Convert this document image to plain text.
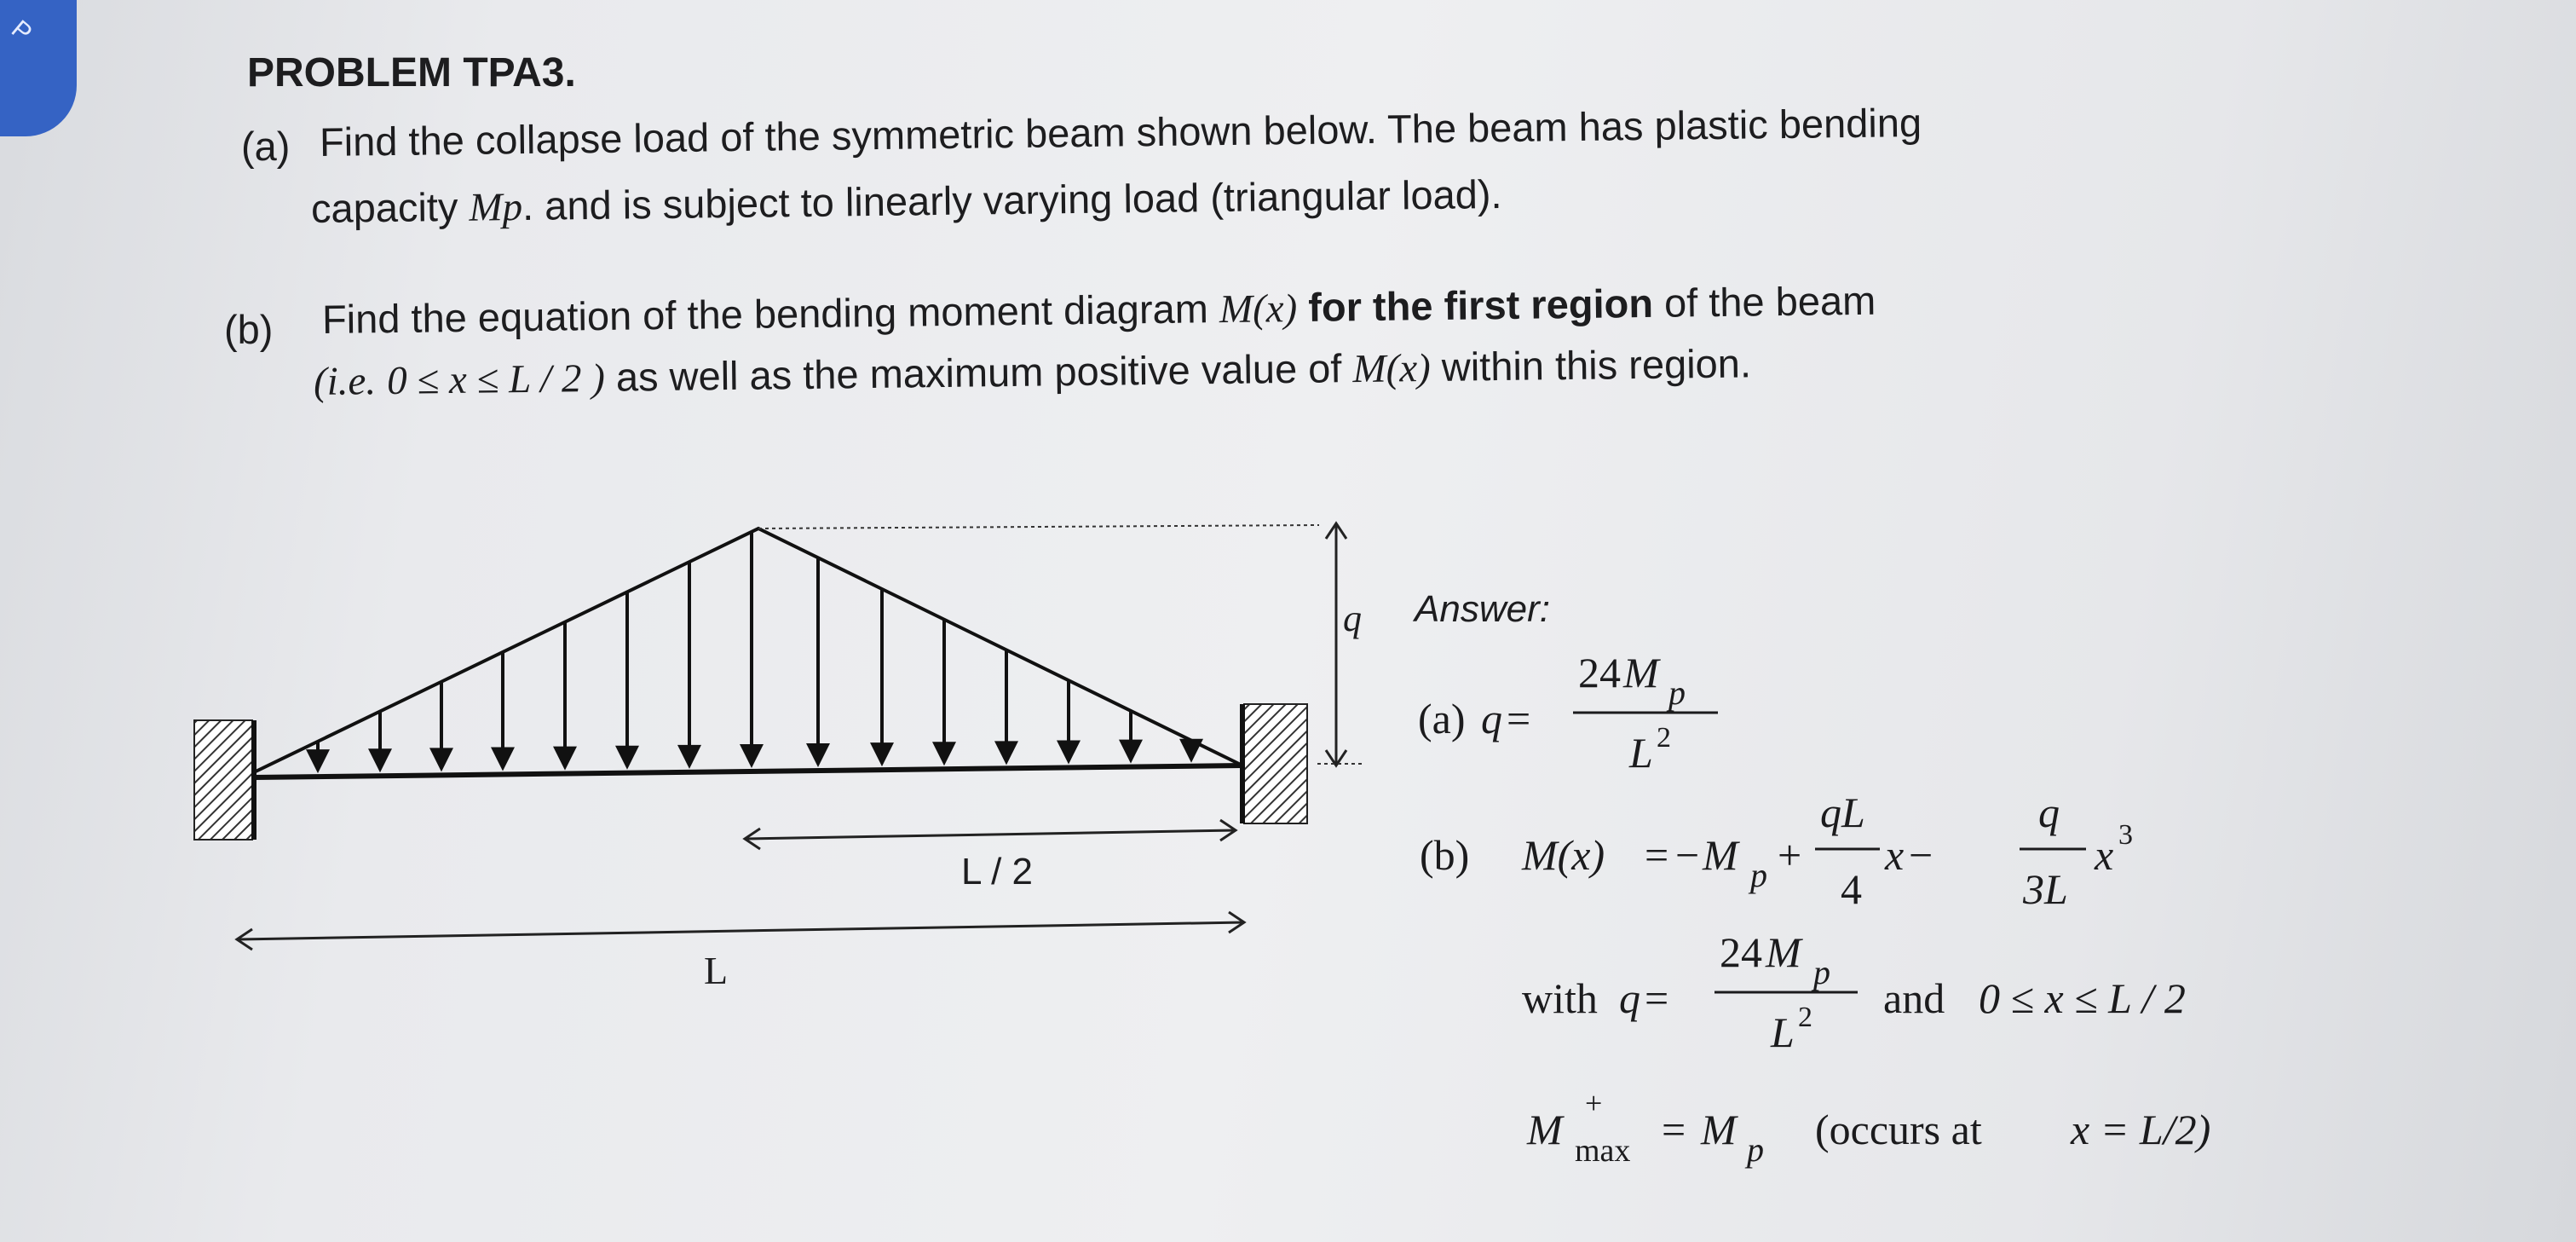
P
PROBLEM TPA3.
(a) Find the collapse load of the symmetric beam shown below. The beam has plastic bending
capacity Mp. and is subject to linearly varying load (triangular load).
(b) Find the equation of the bending moment diagram M(x) for the first region of the beam
(i.e. 0 ≤ x ≤ L / 2 ) as well as the maximum positive value of M(x) within this region.
q
L / 2
L
Answer:
(a) q =
24 M p
L 2
(b) M(x) = − M p +
qL
4
x −
q
3L
x 3
with q =
24 M p
L 2 and 0 ≤ x ≤ L / 2
M
+
max = M p (occurs at x = L/2)
